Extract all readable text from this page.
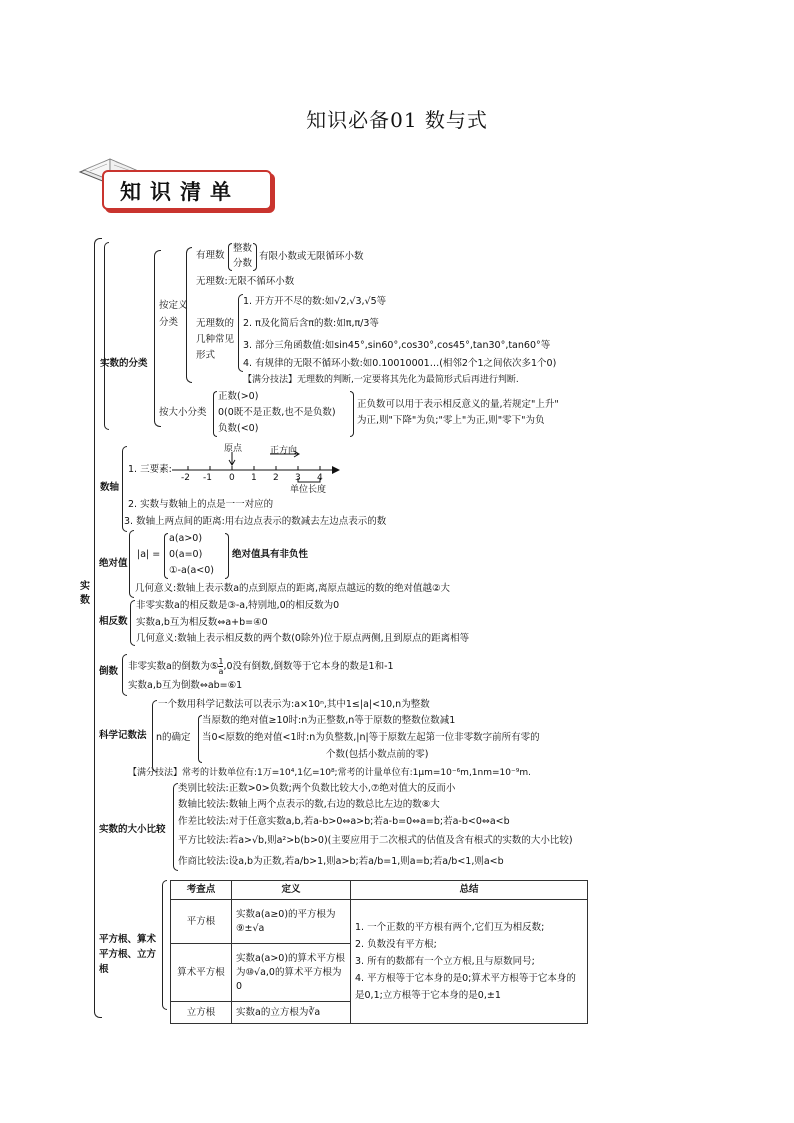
知识必备01 数与式
知识清单
实数
实数的分类
按定义
分类
有理数
整数
分数
有限小数或无限循环小数
无理数:无限不循环小数
无理数的
几种常见
形式
1. 开方开不尽的数:如√2,√3,√5等
2. π及化简后含π的数:如π,π/3等
3. 部分三角函数值:如sin45°,sin60°,cos30°,cos45°,tan30°,tan60°等
4. 有规律的无限不循环小数:如0.10010001…(相邻2个1之间依次多1个0)
【满分技法】无理数的判断,一定要将其先化为最简形式后再进行判断.
按大小分类
正数(>0)
0(0既不是正数,也不是负数)
负数(<0)
正负数可以用于表示相反意义的量,若规定"上升"
为正,则"下降"为负;"零上"为正,则"零下"为负
数轴
1. 三要素:
原点	正方向
-2 -1 0 1 2 3 4
单位长度
2. 实数与数轴上的点是一一对应的
3. 数轴上两点间的距离:用右边点表示的数减去左边点表示的数
绝对值
|a| =
a(a>0)
0(a=0)
①-a(a<0)
绝对值具有非负性
几何意义:数轴上表示数a的点到原点的距离,离原点越远的数的绝对值越②大
相反数
非零实数a的相反数是③-a,特别地,0的相反数为0
实数a,b互为相反数⇔a+b=④0
几何意义:数轴上表示相反数的两个数(0除外)位于原点两侧,且到原点的距离相等
倒数 非零实数a的倒数为⑤ $\frac{1}{a} ,0$没有倒数,倒数等于它本身的数是1和-1
实数a,b互为倒数⇔ab=⑥1
科学记数法
一个数用科学记数法可以表示为:a×10ⁿ,其中1≤|a|<10,n为整数
n的确定
当原数的绝对值≥10时:n为正整数,n等于原数的整数位数减1
当0<原数的绝对值<1时:n为负整数,|n|等于原数左起第一位非零数字前所有零的
个数(包括小数点前的零)
【满分技法】常考的计数单位有:1万=10⁴,1亿=10⁸;常考的计量单位有:1μm=10⁻⁶m,1nm=10⁻⁹m.
实数的大小比较
类别比较法:正数>0>负数;两个负数比较大小,⑦绝对值大的反而小
数轴比较法:数轴上两个点表示的数,右边的数总比左边的数⑧大
作差比较法:对于任意实数a,b,若a-b>0⇔a>b;若a-b=0⇔a=b;若a-b<0⇔a<b
平方比较法:若a>√b,则a²>b(b>0)(主要应用于二次根式的估值及含有根式的实数的大小比较)
作商比较法:设a,b为正数,若a/b>1,则a>b;若a/b=1,则a=b;若a/b<1,则a<b
平方根、算术平方根、立方根
考查点	定义	总结
平方根	实数a(a≥0)的平方根为⑨±√a	1. 一个正数的平方根有两个,它们互为相反数;
2. 负数没有平方根;
3. 所有的数都有一个立方根,且与原数同号;
4. 平方根等于它本身的是0;算术平方根等于它本身的是0,1;立方根等于它本身的是0,±1

算术平方根	实数a(a>0)的算术平方根为⑩√a,0的算术平方根为0	
立方根	实数a的立方根为∛a	
